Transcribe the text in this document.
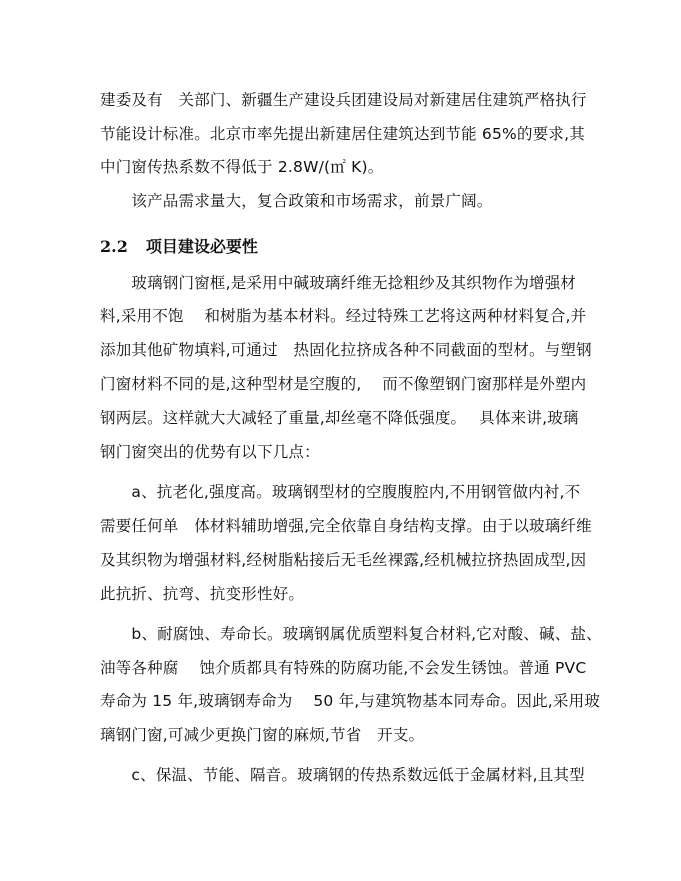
建委及有　关部门、新疆生产建设兵团建设局对新建居住建筑严格执行
节能设计标准。北京市率先提出新建居住建筑达到节能 65%的要求,其
中门窗传热系数不得低于 2.8W/(㎡ K)。
　　该产品需求量大，复合政策和市场需求，前景广阔。
2.2 项目建设必要性
　　玻璃钢门窗框,是采用中碱玻璃纤维无捻粗纱及其织物作为增强材
料,采用不饱　 和树脂为基本材料。经过特殊工艺将这两种材料复合,并
添加其他矿物填料,可通过　热固化拉挤成各种不同截面的型材。与塑钢
门窗材料不同的是,这种型材是空腹的,　 而不像塑钢门窗那样是外塑内
钢两层。这样就大大减轻了重量,却丝毫不降低强度。　 具体来讲,玻璃
钢门窗突出的优势有以下几点：
　　a、抗老化,强度高。玻璃钢型材的空腹腹腔内,不用钢管做内衬,不
需要任何单　体材料辅助增强,完全依靠自身结构支撑。由于以玻璃纤维
及其织物为增强材料,经树脂粘接后无毛丝裸露,经机械拉挤热固成型,因
此抗折、抗弯、抗变形性好。
　　b、耐腐蚀、寿命长。玻璃钢属优质塑料复合材料,它对酸、碱、盐、
油等各种腐　 蚀介质都具有特殊的防腐功能,不会发生锈蚀。普通 PVC
寿命为 15 年,玻璃钢寿命为　 50 年,与建筑物基本同寿命。因此,采用玻
璃钢门窗,可减少更换门窗的麻烦,节省　开支。
　　c、保温、节能、隔音。玻璃钢的传热系数远低于金属材料,且其型
